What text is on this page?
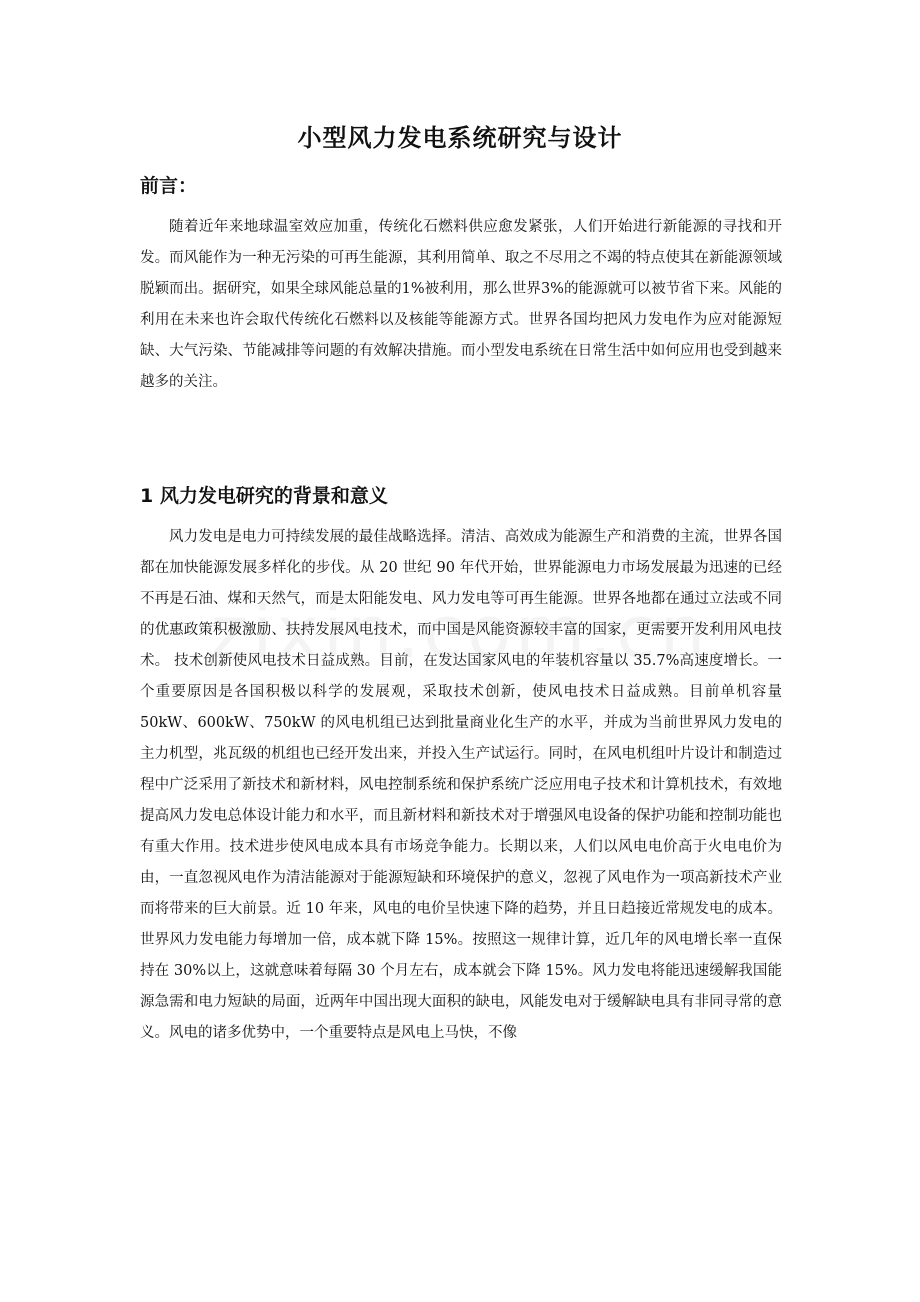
小型风力发电系统研究与设计
前言：

随着近年来地球温室效应加重，传统化石燃料供应愈发紧张，人们开始进行新能源的寻找和开发。而风能作为一种无污染的可再生能源，其利用简单、取之不尽用之不竭的特点使其在新能源领域脱颖而出。据研究，如果全球风能总量的1%被利用，那么世界3%的能源就可以被节省下来。风能的利用在未来也许会取代传统化石燃料以及核能等能源方式。世界各国均把风力发电作为应对能源短缺、大气污染、节能减排等问题的有效解决措施。而小型发电系统在日常生活中如何应用也受到越来越多的关注。

1 风力发电研究的背景和意义

风力发电是电力可持续发展的最佳战略选择。清洁、高效成为能源生产和消费的主流，世界各国都在加快能源发展多样化的步伐。从 20 世纪 90 年代开始，世界能源电力市场发展最为迅速的已经不再是石油、煤和天然气，而是太阳能发电、风力发电等可再生能源。世界各地都在通过立法或不同的优惠政策积极激励、扶持发展风电技术，而中国是风能资源较丰富的国家，更需要开发利用风电技术。 技术创新使风电技术日益成熟。目前，在发达国家风电的年装机容量以 35.7%高速度增长。一个重要原因是各国积极以科学的发展观，采取技术创新，使风电技术日益成熟。目前单机容量 50kW、600kW、750kW 的风电机组已达到批量商业化生产的水平，并成为当前世界风力发电的主力机型，兆瓦级的机组也已经开发出来，并投入生产试运行。同时，在风电机组叶片设计和制造过程中广泛采用了新技术和新材料，风电控制系统和保护系统广泛应用电子技术和计算机技术，有效地提高风力发电总体设计能力和水平，而且新材料和新技术对于增强风电设备的保护功能和控制功能也有重大作用。技术进步使风电成本具有市场竞争能力。长期以来，人们以风电电价高于火电电价为由，一直忽视风电作为清洁能源对于能源短缺和环境保护的意义，忽视了风电作为一项高新技术产业而将带来的巨大前景。近 10 年来，风电的电价呈快速下降的趋势，并且日趋接近常规发电的成本。世界风力发电能力每增加一倍，成本就下降 15%。按照这一规律计算，近几年的风电增长率一直保持在 30%以上，这就意味着每隔 30 个月左右，成本就会下降 15%。风力发电将能迅速缓解我国能源急需和电力短缺的局面，近两年中国出现大面积的缺电，风能发电对于缓解缺电具有非同寻常的意义。风电的诸多优势中，一个重要特点是风电上马快，不像
